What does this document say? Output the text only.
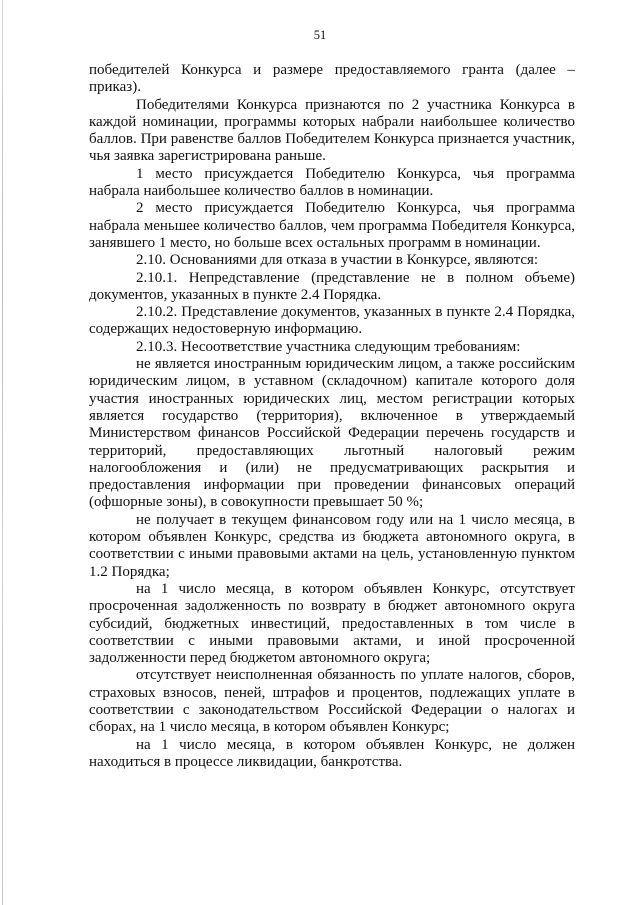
51

победителей Конкурса и размере предоставляемого гранта (далее – приказ).

Победителями Конкурса признаются по 2 участника Конкурса в каждой номинации, программы которых набрали наибольшее количество баллов. При равенстве баллов Победителем Конкурса признается участник, чья заявка зарегистрирована раньше.

1 место присуждается Победителю Конкурса, чья программа набрала наибольшее количество баллов в номинации.

2 место присуждается Победителю Конкурса, чья программа набрала меньшее количество баллов, чем программа Победителя Конкурса, занявшего 1 место, но больше всех остальных программ в номинации.

2.10. Основаниями для отказа в участии в Конкурсе, являются:

2.10.1. Непредставление (представление не в полном объеме) документов, указанных в пункте 2.4 Порядка.

2.10.2. Представление документов, указанных в пункте 2.4 Порядка, содержащих недостоверную информацию.

2.10.3. Несоответствие участника следующим требованиям:

не является иностранным юридическим лицом, а также российским юридическим лицом, в уставном (складочном) капитале которого доля участия иностранных юридических лиц, местом регистрации которых является государство (территория), включенное в утверждаемый Министерством финансов Российской Федерации перечень государств и территорий, предоставляющих льготный налоговый режим налогообложения и (или) не предусматривающих раскрытия и предоставления информации при проведении финансовых операций (офшорные зоны), в совокупности превышает 50 %;

не получает в текущем финансовом году или на 1 число месяца, в котором объявлен Конкурс, средства из бюджета автономного округа, в соответствии с иными правовыми актами на цель, установленную пунктом 1.2 Порядка;

на 1 число месяца, в котором объявлен Конкурс, отсутствует просроченная задолженность по возврату в бюджет автономного округа субсидий, бюджетных инвестиций, предоставленных в том числе в соответствии с иными правовыми актами, и иной просроченной задолженности перед бюджетом автономного округа;

отсутствует неисполненная обязанность по уплате налогов, сборов, страховых взносов, пеней, штрафов и процентов, подлежащих уплате в соответствии с законодательством Российской Федерации о налогах и сборах, на 1 число месяца, в котором объявлен Конкурс;

на 1 число месяца, в котором объявлен Конкурс, не должен находиться в процессе ликвидации, банкротства.
